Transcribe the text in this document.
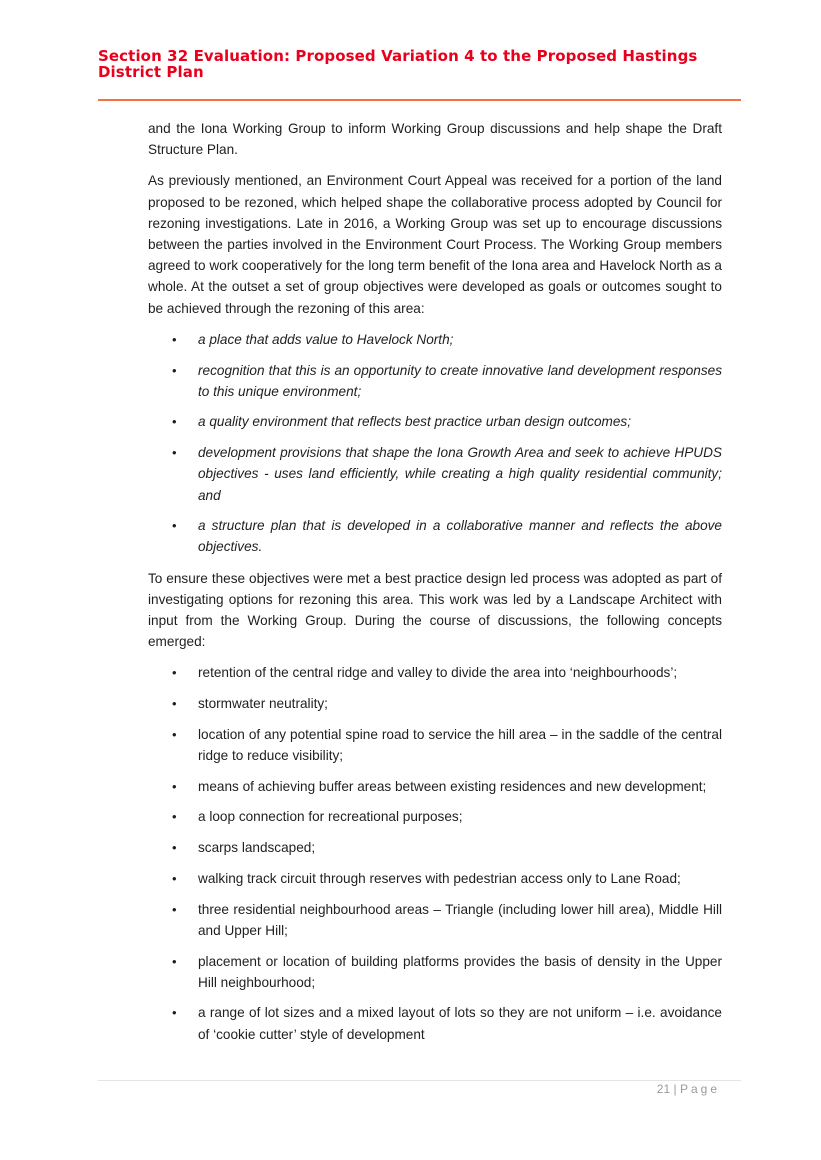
Section 32 Evaluation: Proposed Variation 4 to the Proposed Hastings District Plan

and the Iona Working Group to inform Working Group discussions and help shape the Draft Structure Plan.

As previously mentioned, an Environment Court Appeal was received for a portion of the land proposed to be rezoned, which helped shape the collaborative process adopted by Council for rezoning investigations. Late in 2016, a Working Group was set up to encourage discussions between the parties involved in the Environment Court Process. The Working Group members agreed to work cooperatively for the long term benefit of the Iona area and Havelock North as a whole. At the outset a set of group objectives were developed as goals or outcomes sought to be achieved through the rezoning of this area:

• a place that adds value to Havelock North;
• recognition that this is an opportunity to create innovative land development responses to this unique environment;
• a quality environment that reflects best practice urban design outcomes;
• development provisions that shape the Iona Growth Area and seek to achieve HPUDS objectives - uses land efficiently, while creating a high quality residential community; and
• a structure plan that is developed in a collaborative manner and reflects the above objectives.

To ensure these objectives were met a best practice design led process was adopted as part of investigating options for rezoning this area. This work was led by a Landscape Architect with input from the Working Group. During the course of discussions, the following concepts emerged:

• retention of the central ridge and valley to divide the area into ‘neighbourhoods’;
• stormwater neutrality;
• location of any potential spine road to service the hill area – in the saddle of the central ridge to reduce visibility;
• means of achieving buffer areas between existing residences and new development;
• a loop connection for recreational purposes;
• scarps landscaped;
• walking track circuit through reserves with pedestrian access only to Lane Road;
• three residential neighbourhood areas – Triangle (including lower hill area), Middle Hill and Upper Hill;
• placement or location of building platforms provides the basis of density in the Upper Hill neighbourhood;
• a range of lot sizes and a mixed layout of lots so they are not uniform – i.e. avoidance of ‘cookie cutter’ style of development
21 | Page
